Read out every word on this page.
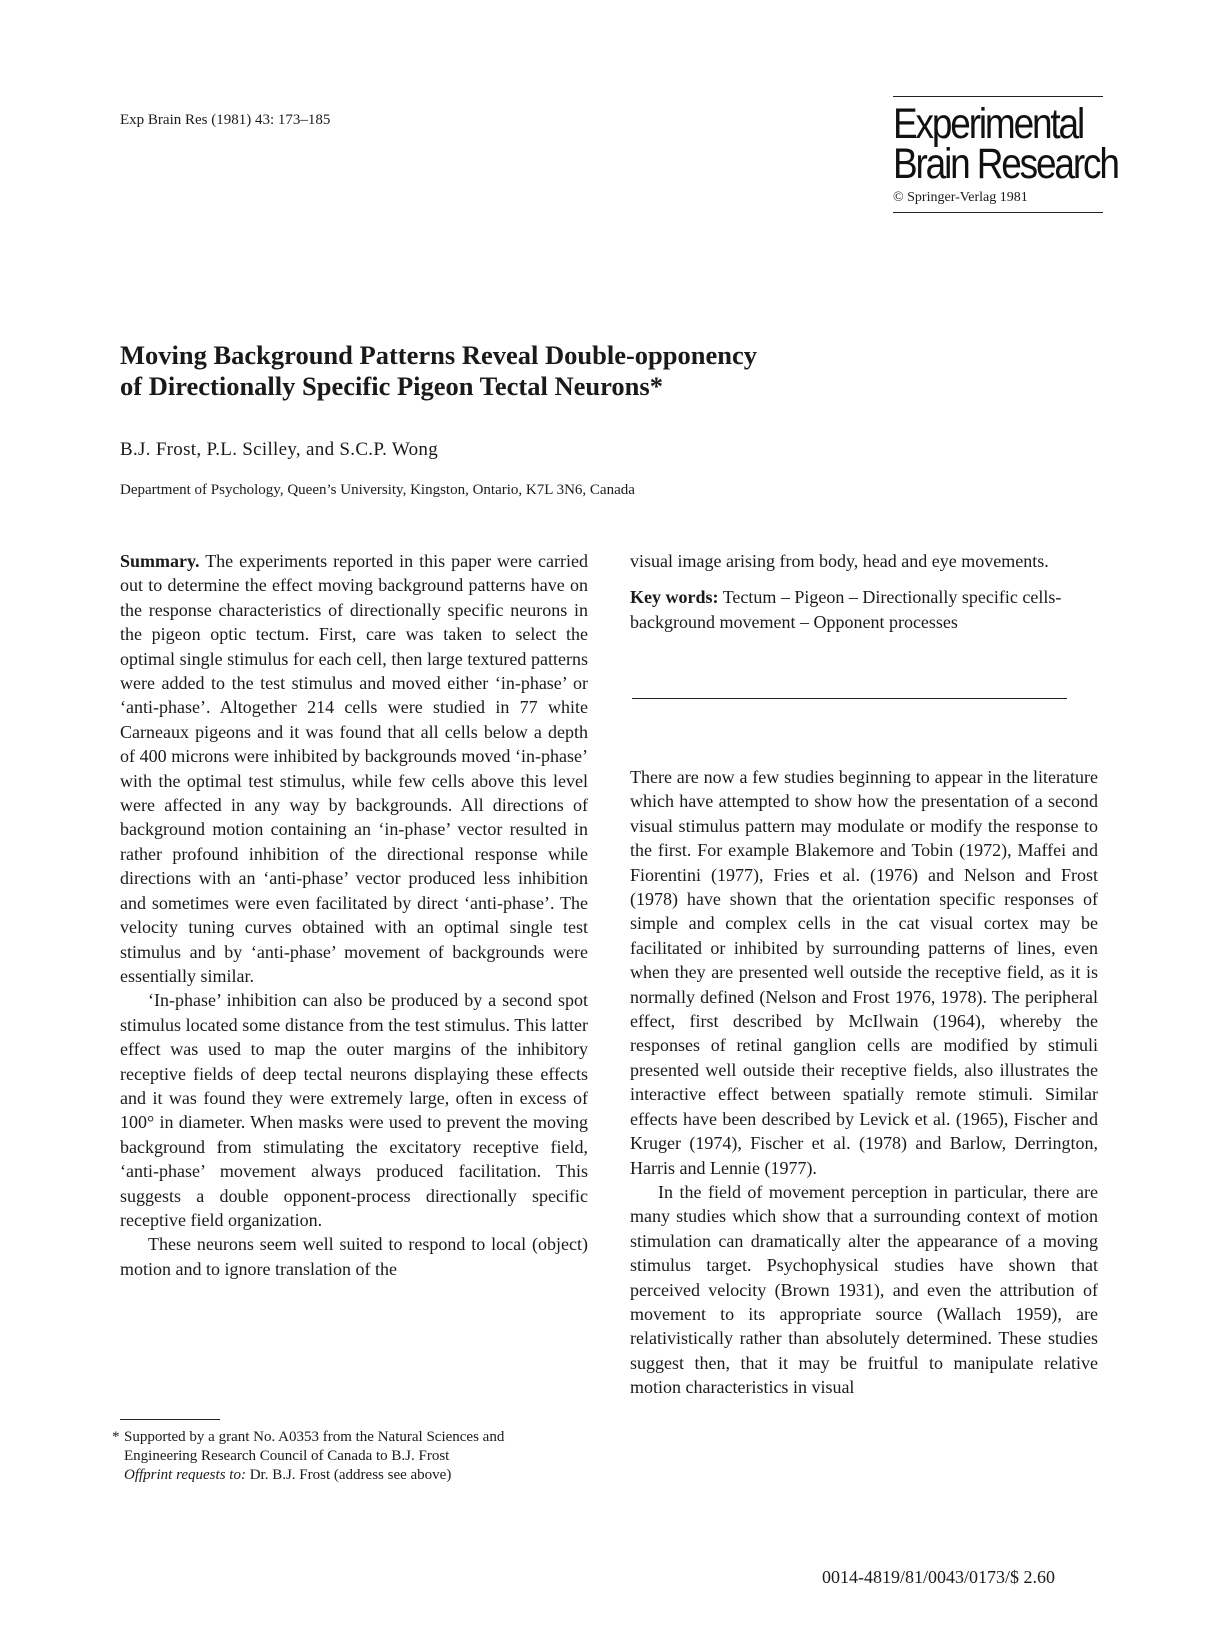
Exp Brain Res (1981) 43: 173–185	Experimental
Brain Research
© Springer-Verlag 1981
Moving Background Patterns Reveal Double-opponency
of Directionally Specific Pigeon Tectal Neurons*
B.J. Frost, P.L. Scilley, and S.C.P. Wong
Department of Psychology, Queen’s University, Kingston, Ontario, K7L 3N6, Canada

Summary. The experiments reported in this paper were carried out to determine the effect moving background patterns have on the response characteristics of directionally specific neurons in the pigeon optic tectum. First, care was taken to select the optimal single stimulus for each cell, then large textured patterns were added to the test stimulus and moved either ‘in-phase’ or ‘anti-phase’. Altogether 214 cells were studied in 77 white Carneaux pigeons and it was found that all cells below a depth of 400 microns were inhibited by backgrounds moved ‘in-phase’ with the optimal test stimulus, while few cells above this level were affected in any way by backgrounds. All directions of background motion containing an ‘in-phase’ vector resulted in rather profound inhibition of the directional response while directions with an ‘anti-phase’ vector produced less inhibition and sometimes were even facilitated by direct ‘anti-phase’. The velocity tuning curves obtained with an optimal single test stimulus and by ‘anti-phase’ movement of backgrounds were essentially similar.

‘In-phase’ inhibition can also be produced by a second spot stimulus located some distance from the test stimulus. This latter effect was used to map the outer margins of the inhibitory receptive fields of deep tectal neurons displaying these effects and it was found they were extremely large, often in excess of 100° in diameter. When masks were used to prevent the moving background from stimulating the excitatory receptive field, ‘anti-phase’ movement always produced facilitation. This suggests a double opponent-process directionally specific receptive field organization.

These neurons seem well suited to respond to local (object) motion and to ignore translation of the

visual image arising from body, head and eye movements.

Key words: Tectum – Pigeon – Directionally specific cells-background movement – Opponent processes

There are now a few studies beginning to appear in the literature which have attempted to show how the presentation of a second visual stimulus pattern may modulate or modify the response to the first. For example Blakemore and Tobin (1972), Maffei and Fiorentini (1977), Fries et al. (1976) and Nelson and Frost (1978) have shown that the orientation specific responses of simple and complex cells in the cat visual cortex may be facilitated or inhibited by surrounding patterns of lines, even when they are presented well outside the receptive field, as it is normally defined (Nelson and Frost 1976, 1978). The peripheral effect, first described by McIlwain (1964), whereby the responses of retinal ganglion cells are modified by stimuli presented well outside their receptive fields, also illustrates the interactive effect between spatially remote stimuli. Similar effects have been described by Levick et al. (1965), Fischer and Kruger (1974), Fischer et al. (1978) and Barlow, Derrington, Harris and Lennie (1977).

In the field of movement perception in particular, there are many studies which show that a surrounding context of motion stimulation can dramatically alter the appearance of a moving stimulus target. Psychophysical studies have shown that perceived velocity (Brown 1931), and even the attribution of movement to its appropriate source (Wallach 1959), are relativistically rather than absolutely determined. These studies suggest then, that it may be fruitful to manipulate relative motion characteristics in visual

* Supported by a grant No. A0353 from the Natural Sciences and

Engineering Research Council of Canada to B.J. Frost

Offprint requests to: Dr. B.J. Frost (address see above)

0014-4819/81/0043/0173/$ 2.60
